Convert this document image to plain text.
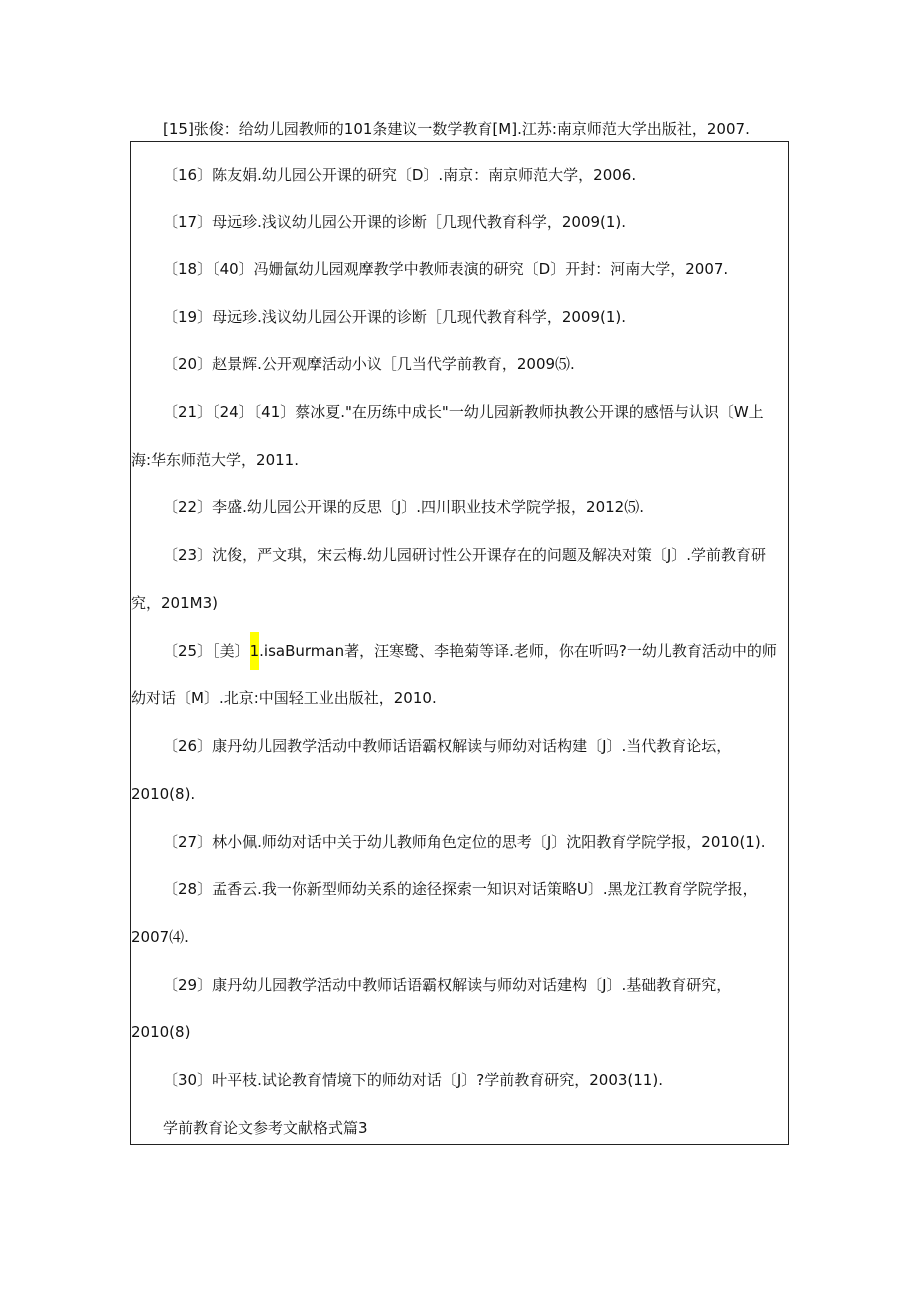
[15]张俊：给幼儿园教师的101条建议一数学教育[M].江苏:南京师范大学出版社，2007.
〔16〕陈友娟.幼儿园公开课的研究〔D〕.南京：南京师范大学，2006.
〔17〕母远珍.浅议幼儿园公开课的诊断［几现代教育科学，2009(1).
〔18〕〔40〕冯姗氤幼儿园观摩教学中教师表演的研究〔D〕开封：河南大学，2007.
〔19〕母远珍.浅议幼儿园公开课的诊断［几现代教育科学，2009(1).
〔20〕赵景辉.公开观摩活动小议［几当代学前教育，2009⑸.
〔21〕〔24〕〔41〕蔡冰夏."在历练中成长"一幼儿园新教师执教公开课的感悟与认识〔W上
海:华东师范大学，2011.
〔22〕李盛.幼儿园公开课的反思〔J〕.四川职业技术学院学报，2012⑸.
〔23〕沈俊，严文琪，宋云梅.幼儿园研讨性公开课存在的问题及解决对策〔J〕.学前教育研
究，201M3)
〔25〕［美〕1.isaBurman著，汪寒鹭、李艳菊等译.老师，你在听吗?一幼儿教育活动中的师
幼对话〔M〕.北京:中国轻工业出版社，2010.
〔26〕康丹幼儿园教学活动中教师话语霸权解读与师幼对话构建〔J〕.当代教育论坛，
2010(8).
〔27〕林小佩.师幼对话中关于幼儿教师角色定位的思考〔J〕沈阳教育学院学报，2010(1).
〔28〕孟香云.我一你新型师幼关系的途径探索一知识对话策略U〕.黑龙江教育学院学报，
2007⑷.
〔29〕康丹幼儿园教学活动中教师话语霸权解读与师幼对话建构〔J〕.基础教育研究，
2010(8)
〔30〕叶平枝.试论教育情境下的师幼对话〔J〕?学前教育研究，2003(11).
学前教育论文参考文献格式篇3
